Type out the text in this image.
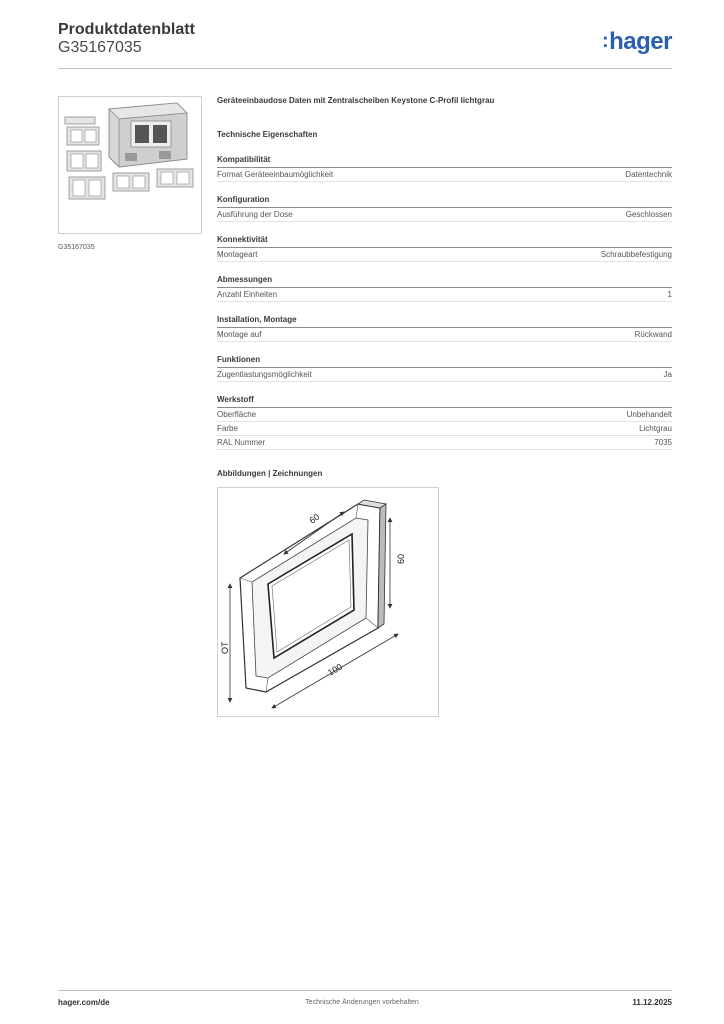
Produktdatenblatt
G35167035	:hager
G35167035
Geräteeinbaudose Daten mit Zentralscheiben Keystone C-Profil lichtgrau
Technische Eigenschaften
Kompatibilität
Format Geräteeinbaumöglichkeit	Datentechnik
Konfiguration
Ausführung der Dose	Geschlossen
Konnektivität
Montageart	Schraubbefestigung
Abmessungen
Anzahl Einheiten	1
Installation, Montage
Montage auf	Rückwand
Funktionen
Zugentlastungsmöglichkeit	Ja
Werkstoff
Oberfläche	Unbehandelt
Farbe	Lichtgrau
RAL Nummer	7035
Abbildungen | Zeichnungen
60
60
100
OT
hager.com/de	Technische Änderungen vorbehalten	11.12.2025
